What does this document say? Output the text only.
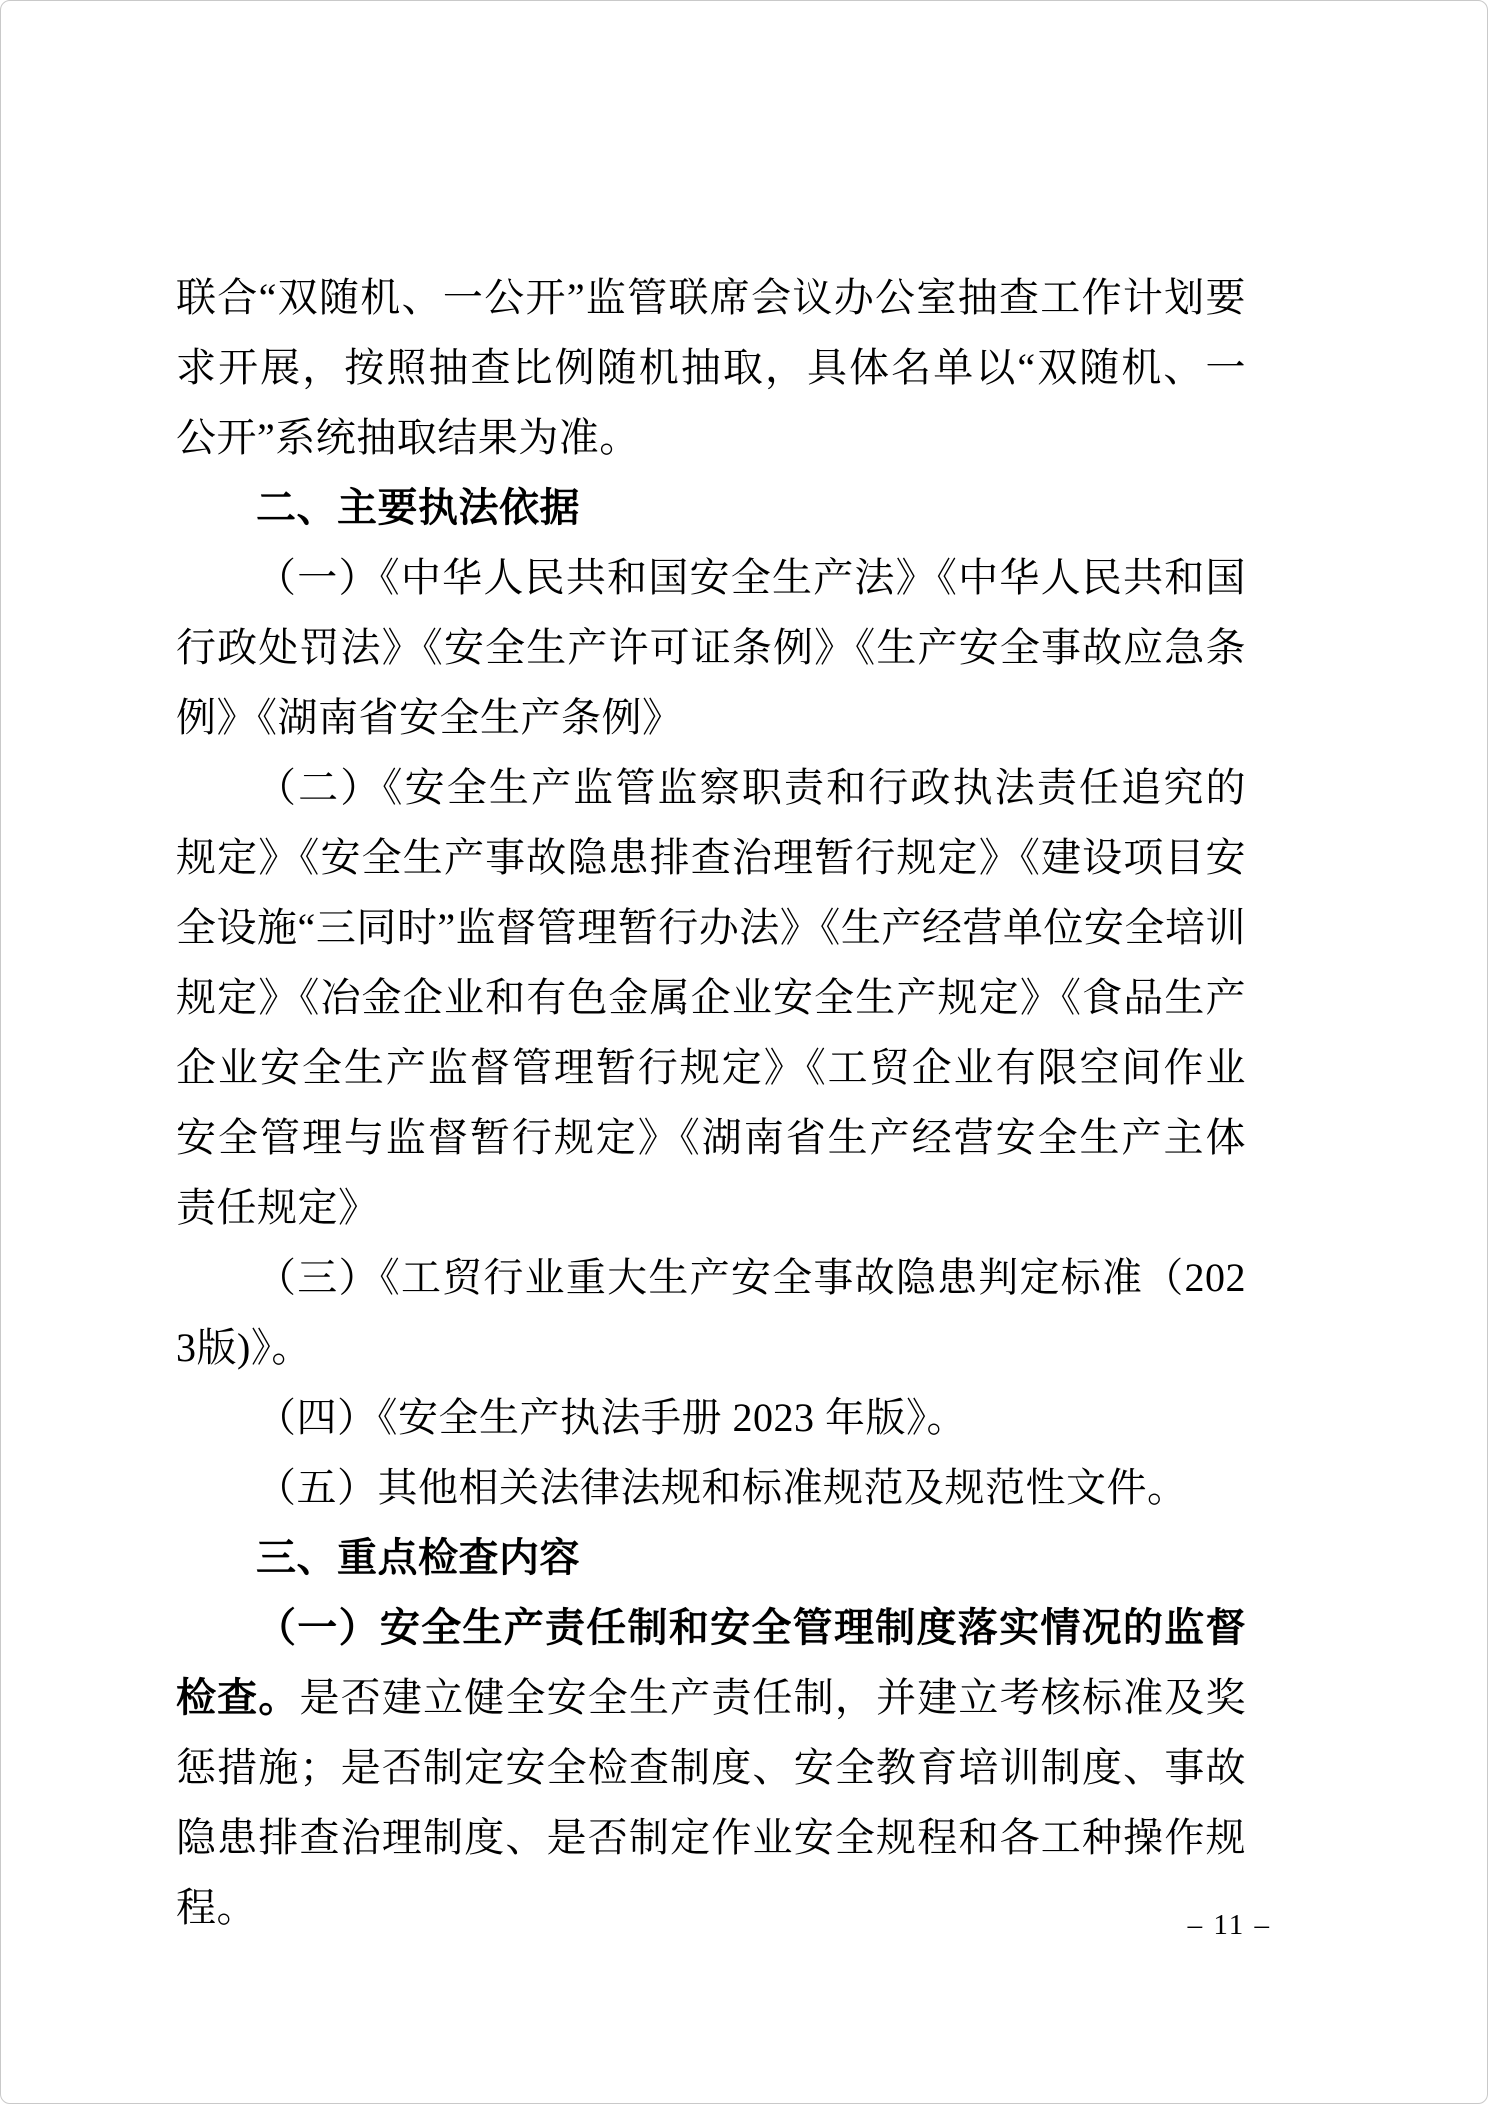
联合“双随机、一公开”监管联席会议办公室抽查工作计划要求开展，按照抽查比例随机抽取，具体名单以“双随机、一公开”系统抽取结果为准。

二、主要执法依据

（一）《中华人民共和国安全生产法》《中华人民共和国行政处罚法》《安全生产许可证条例》《生产安全事故应急条例》《湖南省安全生产条例》

（二）《安全生产监管监察职责和行政执法责任追究的规定》《安全生产事故隐患排查治理暂行规定》《建设项目安全设施“三同时”监督管理暂行办法》《生产经营单位安全培训规定》《冶金企业和有色金属企业安全生产规定》《食品生产企业安全生产监督管理暂行规定》《工贸企业有限空间作业安全管理与监督暂行规定》《湖南省生产经营安全生产主体责任规定》

（三）《工贸行业重大生产安全事故隐患判定标准（2023版)》。

（四）《安全生产执法手册 2023 年版》。

（五）其他相关法律法规和标准规范及规范性文件。

三、重点检查内容

（一）安全生产责任制和安全管理制度落实情况的监督检查。是否建立健全安全生产责任制，并建立考核标准及奖惩措施；是否制定安全检查制度、安全教育培训制度、事故隐患排查治理制度、是否制定作业安全规程和各工种操作规程。	– 11 –
